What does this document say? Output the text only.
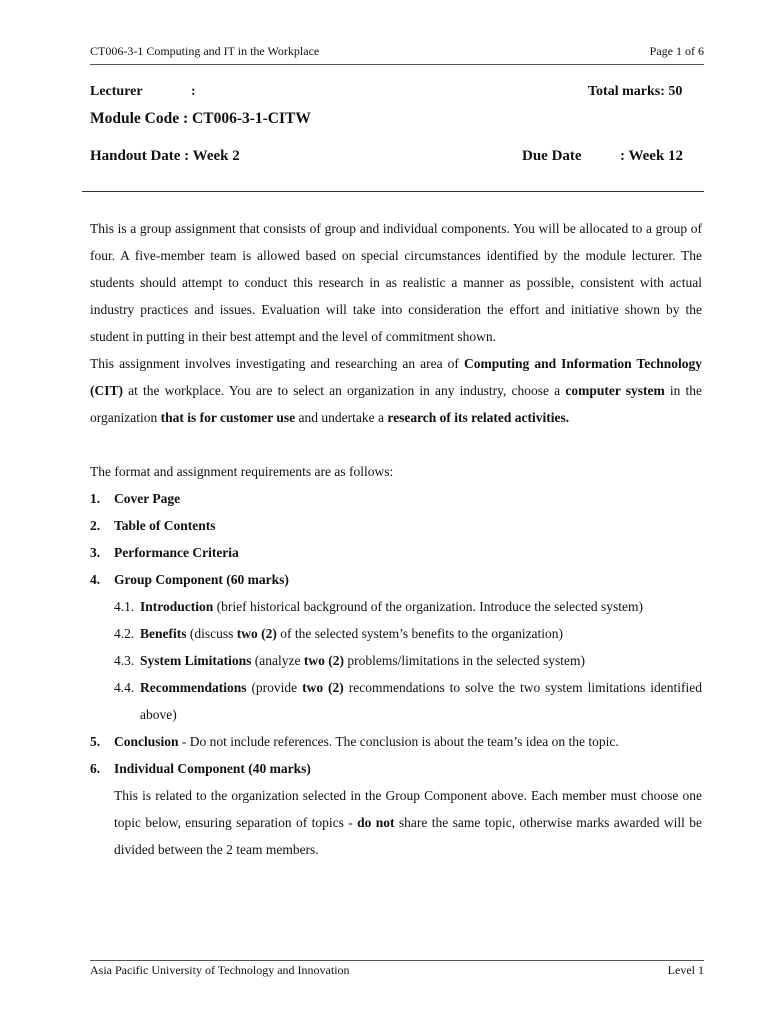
CT006-3-1 Computing and IT in the Workplace	Page 1 of 6
Lecturer	:	Total marks: 50
Module Code : CT006-3-1-CITW
Handout Date : Week 2	Due Date	: Week 12

This is a group assignment that consists of group and individual components. You will be allocated to a group of four. A five-member team is allowed based on special circumstances identified by the module lecturer. The students should attempt to conduct this research in as realistic a manner as possible, consistent with actual industry practices and issues. Evaluation will take into consideration the effort and initiative shown by the student in putting in their best attempt and the level of commitment shown.

This assignment involves investigating and researching an area of Computing and Information Technology (CIT) at the workplace. You are to select an organization in any industry, choose a computer system in the organization that is for customer use and undertake a research of its related activities.

The format and assignment requirements are as follows:

1. Cover Page
2. Table of Contents
3. Performance Criteria
4. Group Component (60 marks)
4.1. Introduction (brief historical background of the organization. Introduce the selected system)
4.2. Benefits (discuss two (2) of the selected system’s benefits to the organization)
4.3. System Limitations (analyze two (2) problems/limitations in the selected system)
4.4. Recommendations (provide two (2) recommendations to solve the two system limitations identified above)
5. Conclusion - Do not include references. The conclusion is about the team’s idea on the topic.
6. Individual Component (40 marks)

This is related to the organization selected in the Group Component above. Each member must choose one topic below, ensuring separation of topics - do not share the same topic, otherwise marks awarded will be divided between the 2 team members.

Asia Pacific University of Technology and Innovation	Level 1
